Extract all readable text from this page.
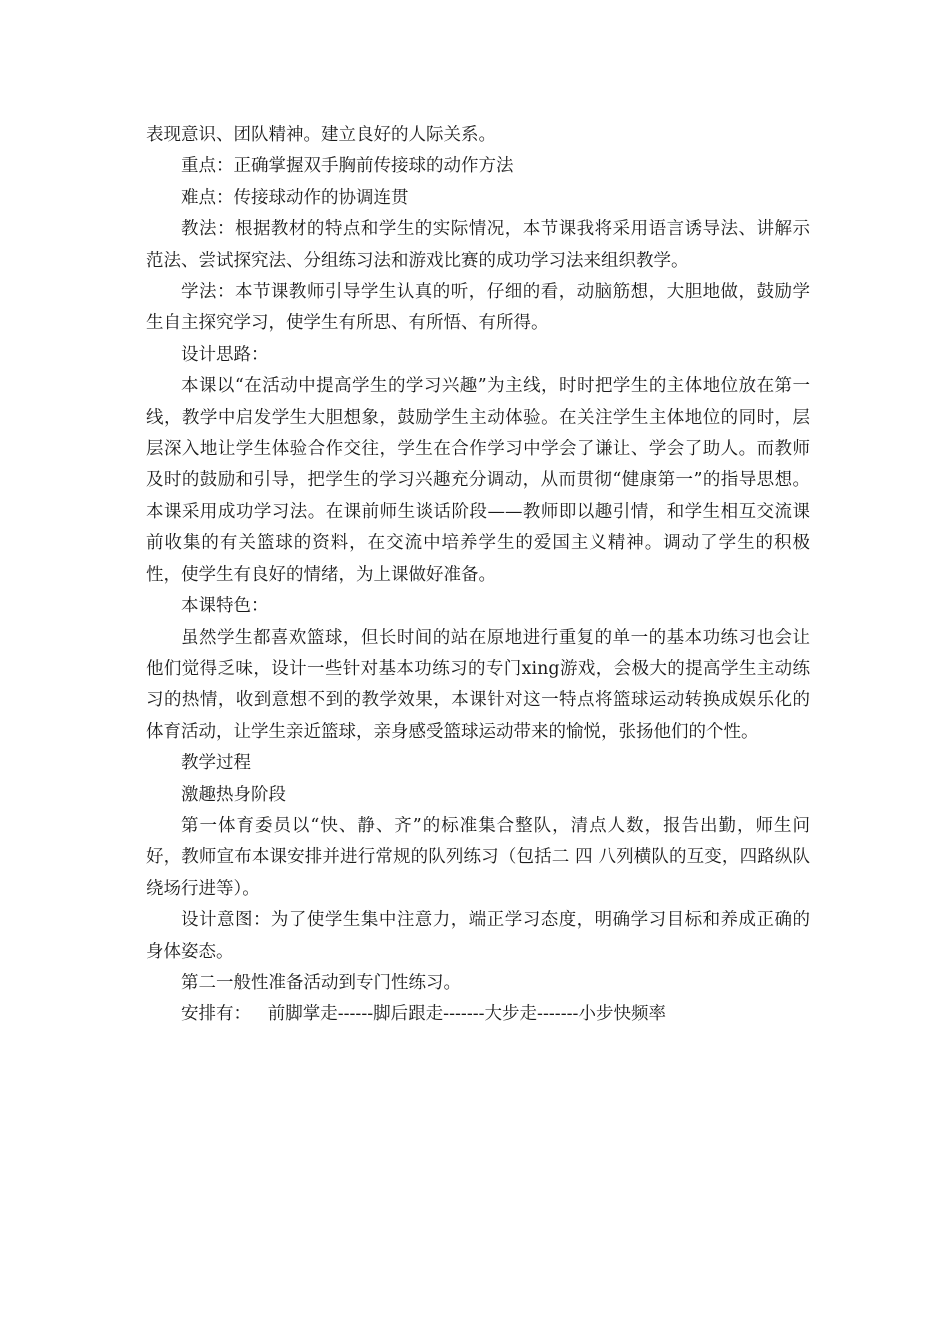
表现意识、团队精神。建立良好的人际关系。

重点：正确掌握双手胸前传接球的动作方法

难点：传接球动作的协调连贯

教法：根据教材的特点和学生的实际情况，本节课我将采用语言诱导法、讲解示范法、尝试探究法、分组练习法和游戏比赛的成功学习法来组织教学。

学法：本节课教师引导学生认真的听，仔细的看，动脑筋想，大胆地做，鼓励学生自主探究学习，使学生有所思、有所悟、有所得。

设计思路：

本课以“在活动中提高学生的学习兴趣”为主线，时时把学生的主体地位放在第一线，教学中启发学生大胆想象，鼓励学生主动体验。在关注学生主体地位的同时，层层深入地让学生体验合作交往，学生在合作学习中学会了谦让、学会了助人。而教师及时的鼓励和引导，把学生的学习兴趣充分调动，从而贯彻“健康第一”的指导思想。本课采用成功学习法。在课前师生谈话阶段——教师即以趣引情，和学生相互交流课前收集的有关篮球的资料，在交流中培养学生的爱国主义精神。调动了学生的积极性，使学生有良好的情绪，为上课做好准备。

本课特色：

虽然学生都喜欢篮球，但长时间的站在原地进行重复的单一的基本功练习也会让他们觉得乏味，设计一些针对基本功练习的专门xing游戏，会极大的提高学生主动练习的热情，收到意想不到的教学效果，本课针对这一特点将篮球运动转换成娱乐化的体育活动，让学生亲近篮球，亲身感受篮球运动带来的愉悦，张扬他们的个性。

教学过程

激趣热身阶段

第一体育委员以“快、静、齐”的标准集合整队，清点人数，报告出勤，师生问好，教师宣布本课安排并进行常规的队列练习（包括二 四 八列横队的互变，四路纵队绕场行进等）。

设计意图：为了使学生集中注意力，端正学习态度，明确学习目标和养成正确的身体姿态。

第二一般性准备活动到专门性练习。

安排有：   前脚掌走------脚后跟走-------大步走-------小步快频率
